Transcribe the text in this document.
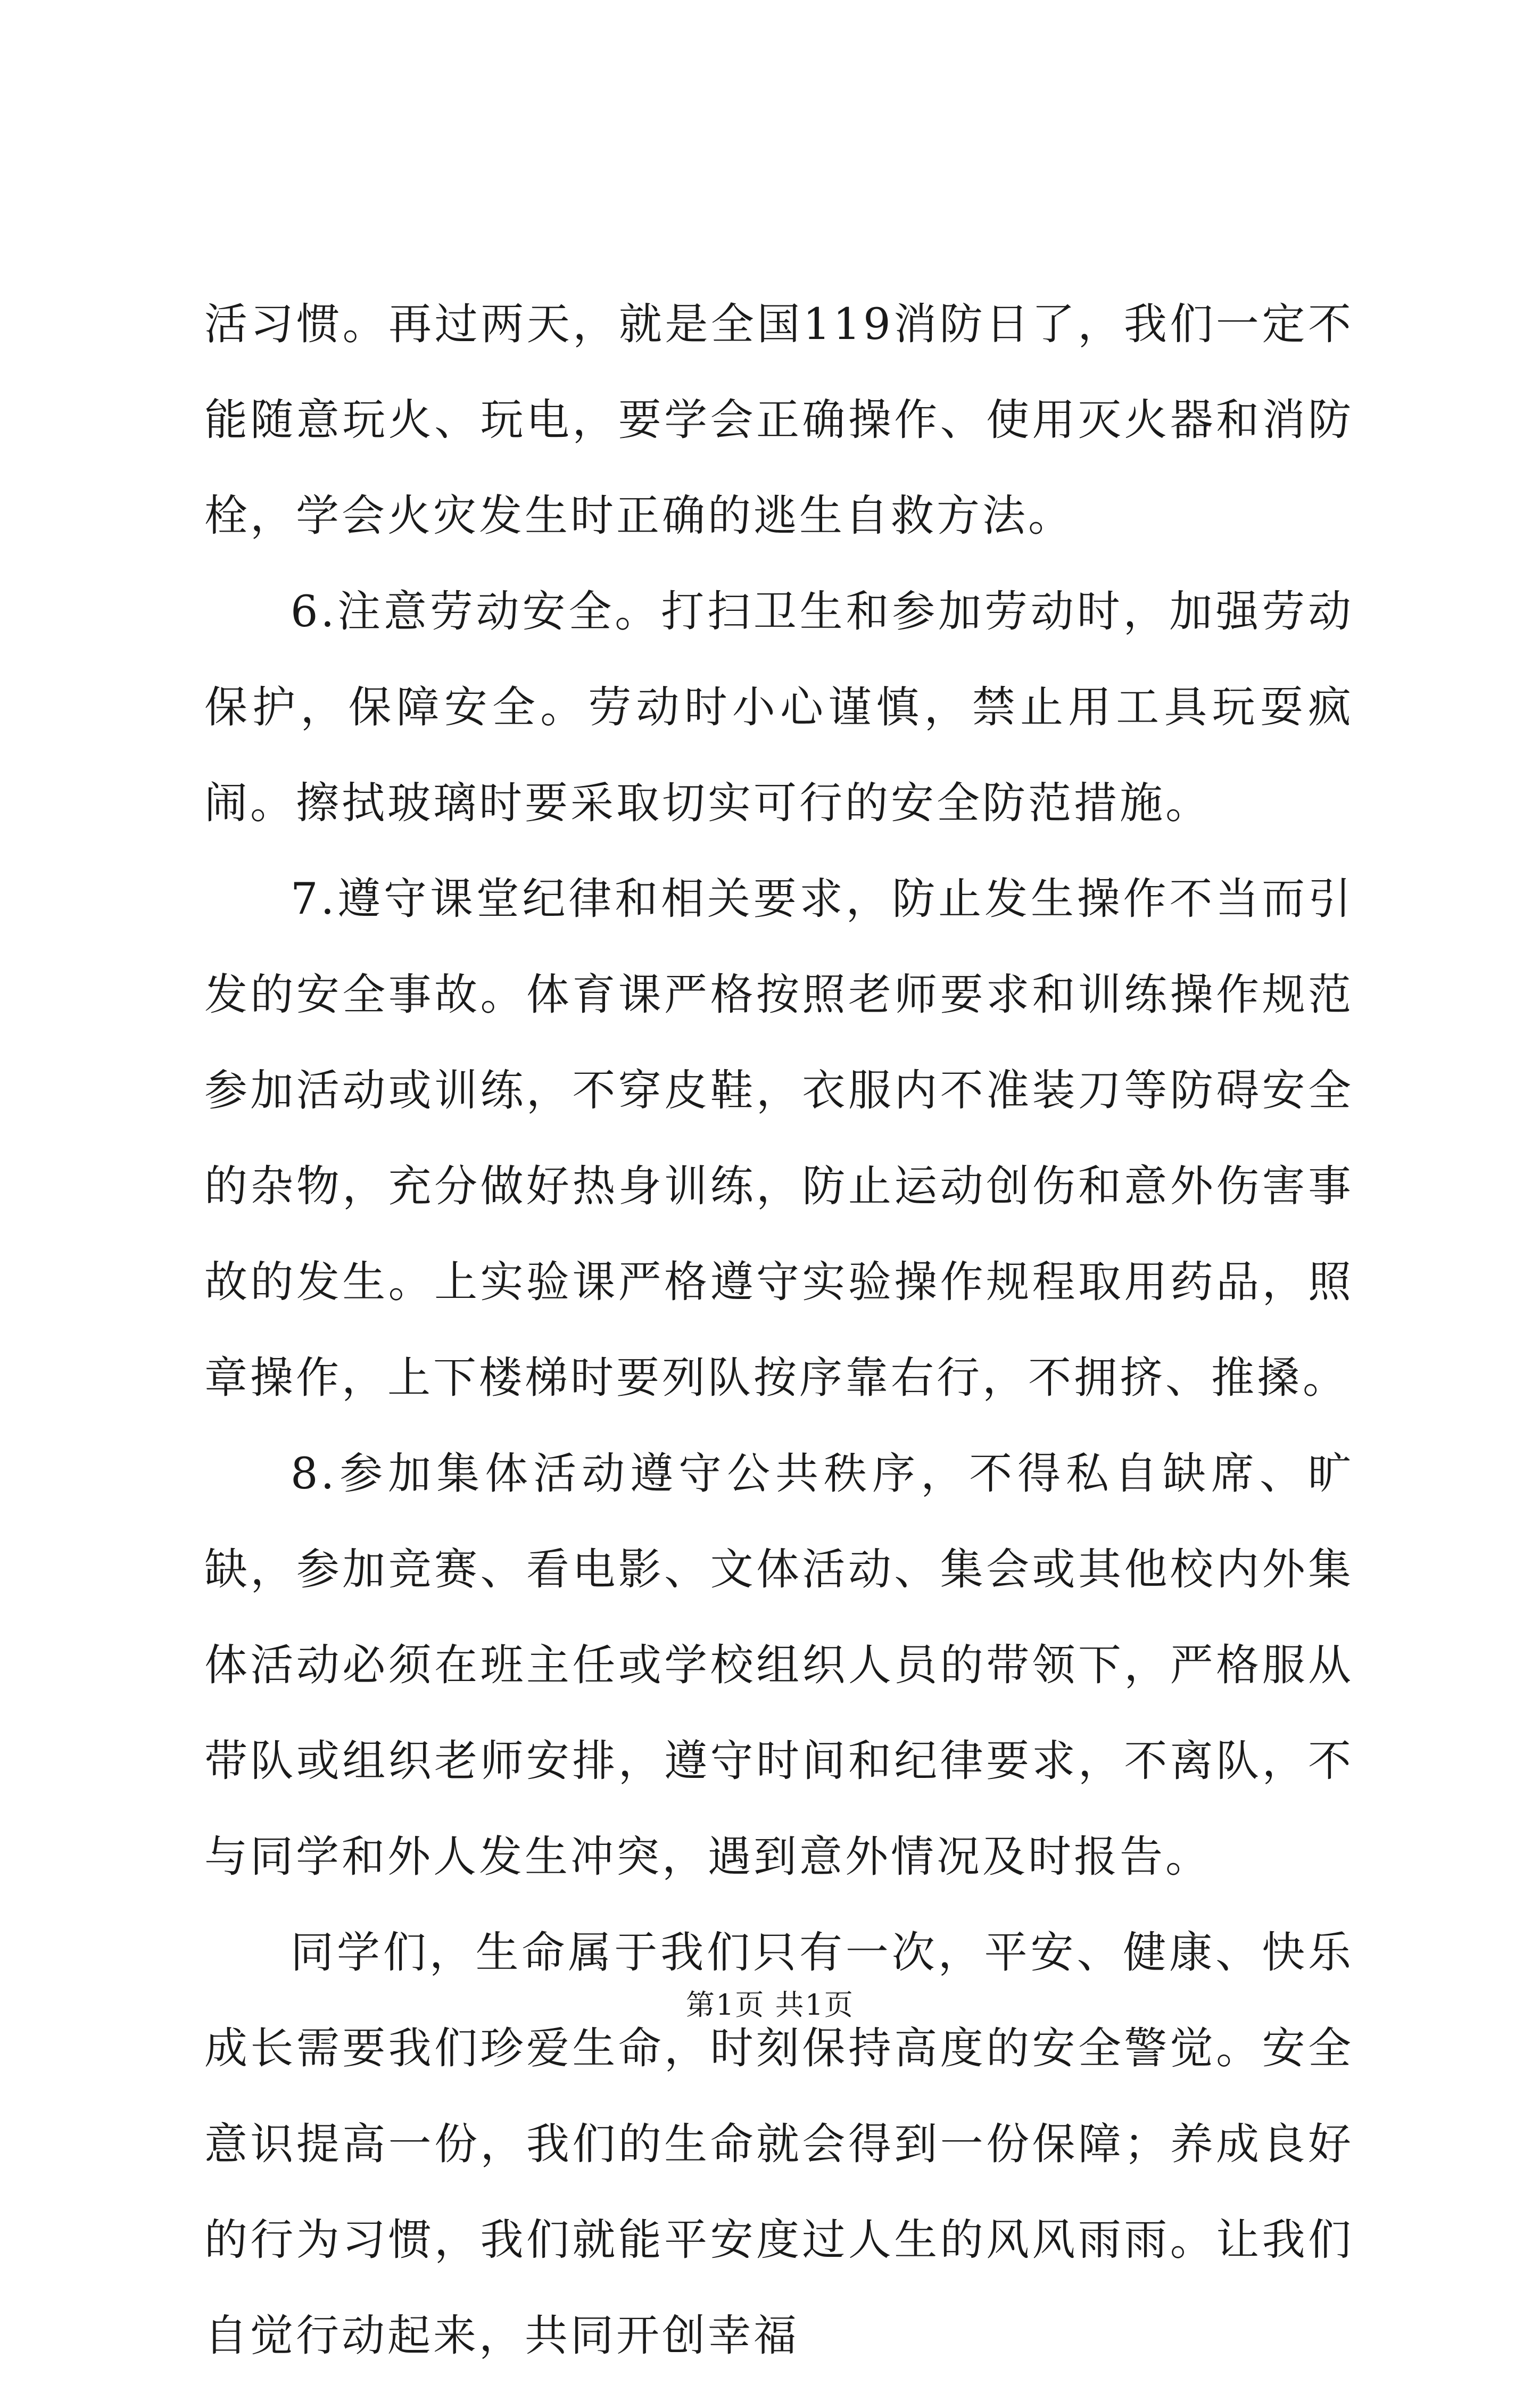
活习惯。再过两天，就是全国119消防日了，我们一定不能随意玩火、玩电，要学会正确操作、使用灭火器和消防栓，学会火灾发生时正确的逃生自救方法。

6.注意劳动安全。打扫卫生和参加劳动时，加强劳动保护，保障安全。劳动时小心谨慎，禁止用工具玩耍疯闹。擦拭玻璃时要采取切实可行的安全防范措施。

7.遵守课堂纪律和相关要求，防止发生操作不当而引发的安全事故。体育课严格按照老师要求和训练操作规范参加活动或训练，不穿皮鞋，衣服内不准装刀等防碍安全的杂物，充分做好热身训练，防止运动创伤和意外伤害事故的发生。上实验课严格遵守实验操作规程取用药品，照章操作，上下楼梯时要列队按序靠右行，不拥挤、推搡。

8.参加集体活动遵守公共秩序，不得私自缺席、旷缺，参加竞赛、看电影、文体活动、集会或其他校内外集体活动必须在班主任或学校组织人员的带领下，严格服从带队或组织老师安排，遵守时间和纪律要求，不离队，不与同学和外人发生冲突，遇到意外情况及时报告。

同学们，生命属于我们只有一次，平安、健康、快乐成长需要我们珍爱生命，时刻保持高度的安全警觉。安全意识提高一份，我们的生命就会得到一份保障；养成良好的行为习惯，我们就能平安度过人生的风风雨雨。让我们自觉行动起来，共同开创幸福

第1页 共1页
